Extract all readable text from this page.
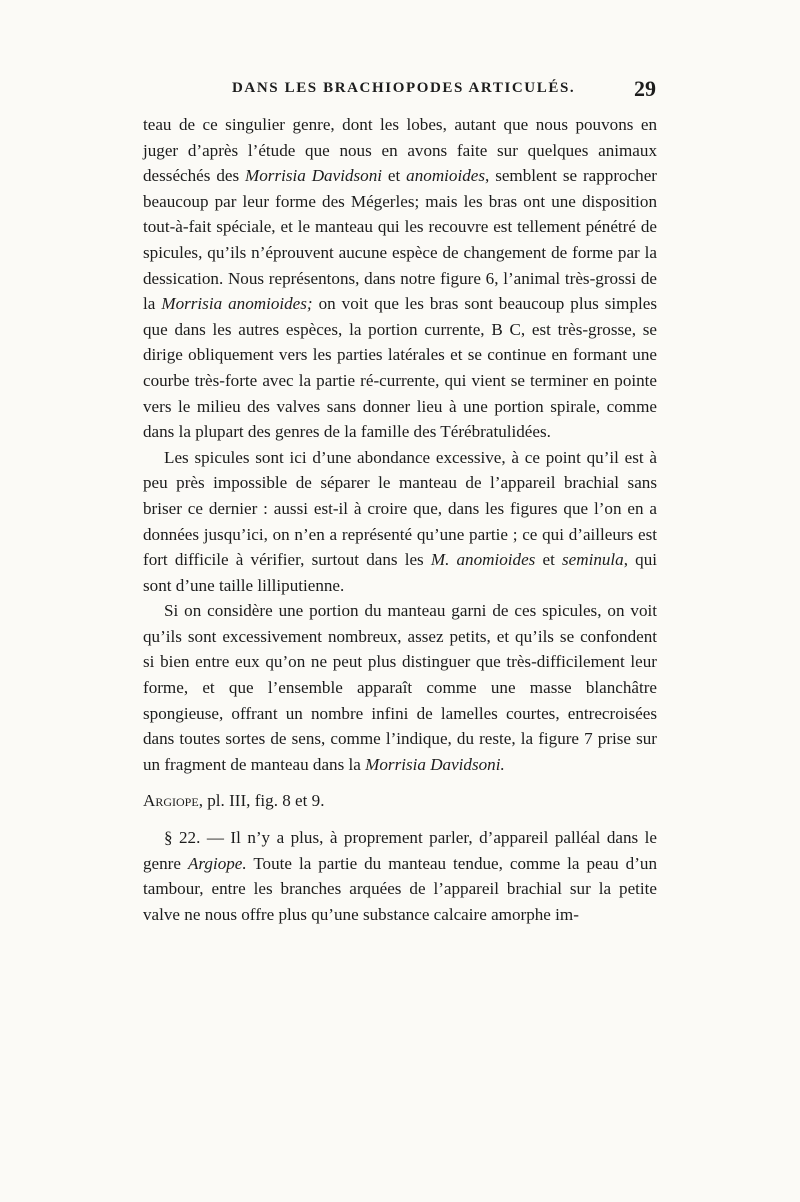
DANS LES BRACHIOPODES ARTICULÉS.	29

teau de ce singulier genre, dont les lobes, autant que nous pouvons en juger d’après l’étude que nous en avons faite sur quelques animaux desséchés des Morrisia Davidsoni et anomioides, semblent se rapprocher beaucoup par leur forme des Mégerles; mais les bras ont une disposition tout-à-fait spéciale, et le manteau qui les recouvre est tellement pénétré de spicules, qu’ils n’éprouvent aucune espèce de changement de forme par la dessication. Nous représentons, dans notre figure 6, l’animal très-grossi de la Morrisia anomioides; on voit que les bras sont beaucoup plus simples que dans les autres espèces, la portion currente, B C, est très-grosse, se dirige obliquement vers les parties latérales et se continue en formant une courbe très-forte avec la partie ré-currente, qui vient se terminer en pointe vers le milieu des valves sans donner lieu à une portion spirale, comme dans la plupart des genres de la famille des Térébratulidées.

Les spicules sont ici d’une abondance excessive, à ce point qu’il est à peu près impossible de séparer le manteau de l’appareil brachial sans briser ce dernier : aussi est-il à croire que, dans les figures que l’on en a données jusqu’ici, on n’en a représenté qu’une partie ; ce qui d’ailleurs est fort difficile à vérifier, surtout dans les M. anomioides et seminula, qui sont d’une taille lilliputienne.

Si on considère une portion du manteau garni de ces spicules, on voit qu’ils sont excessivement nombreux, assez petits, et qu’ils se confondent si bien entre eux qu’on ne peut plus distinguer que très-difficilement leur forme, et que l’ensemble apparaît comme une masse blanchâtre spongieuse, offrant un nombre infini de lamelles courtes, entrecroisées dans toutes sortes de sens, comme l’indique, du reste, la figure 7 prise sur un fragment de manteau dans la Morrisia Davidsoni.

Argiope, pl. III, fig. 8 et 9.

§ 22. — Il n’y a plus, à proprement parler, d’appareil palléal dans le genre Argiope. Toute la partie du manteau tendue, comme la peau d’un tambour, entre les branches arquées de l’appareil brachial sur la petite valve ne nous offre plus qu’une substance calcaire amorphe im-
